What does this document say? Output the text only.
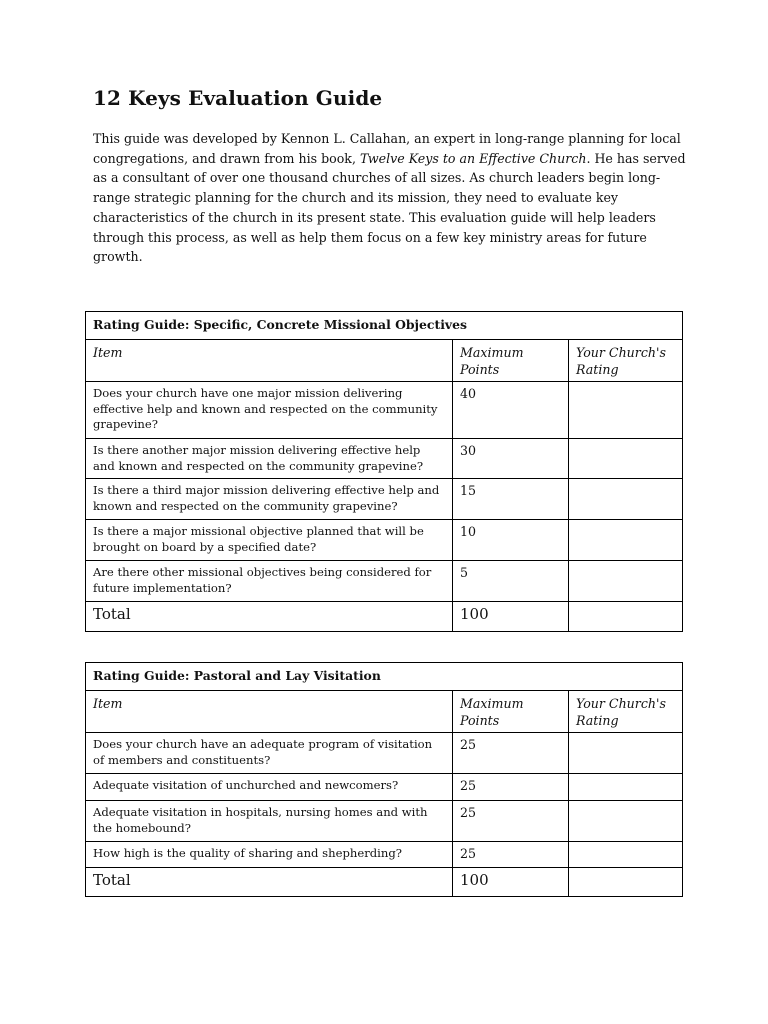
12 Keys Evaluation Guide

This guide was developed by Kennon L. Callahan, an expert in long-range planning for local congregations, and drawn from his book, Twelve Keys to an Effective Church. He has served as a consultant of over one thousand churches of all sizes. As church leaders begin long-range strategic planning for the church and its mission, they need to evaluate key characteristics of the church in its present state. This evaluation guide will help leaders through this process, as well as help them focus on a few key ministry areas for future growth.

Rating Guide: Specific, Concrete Missional Objectives		
Item	Maximum Points	Your Church's Rating
Does your church have one major mission delivering effective help and known and respected on the community grapevine?	40	
Is there another major mission delivering effective help and known and respected on the community grapevine?	30	
Is there a third major mission delivering effective help and known and respected on the community grapevine?	15	
Is there a major missional objective planned that will be brought on board by a specified date?	10	
Are there other missional objectives being considered for future implementation?	5	
Total	100	
Rating Guide: Pastoral and Lay Visitation		
Item	Maximum Points	Your Church's Rating
Does your church have an adequate program of visitation of members and constituents?	25	
Adequate visitation of unchurched and newcomers?	25	
Adequate visitation in hospitals, nursing homes and with the homebound?	25	
How high is the quality of sharing and shepherding?	25	
Total	100	
